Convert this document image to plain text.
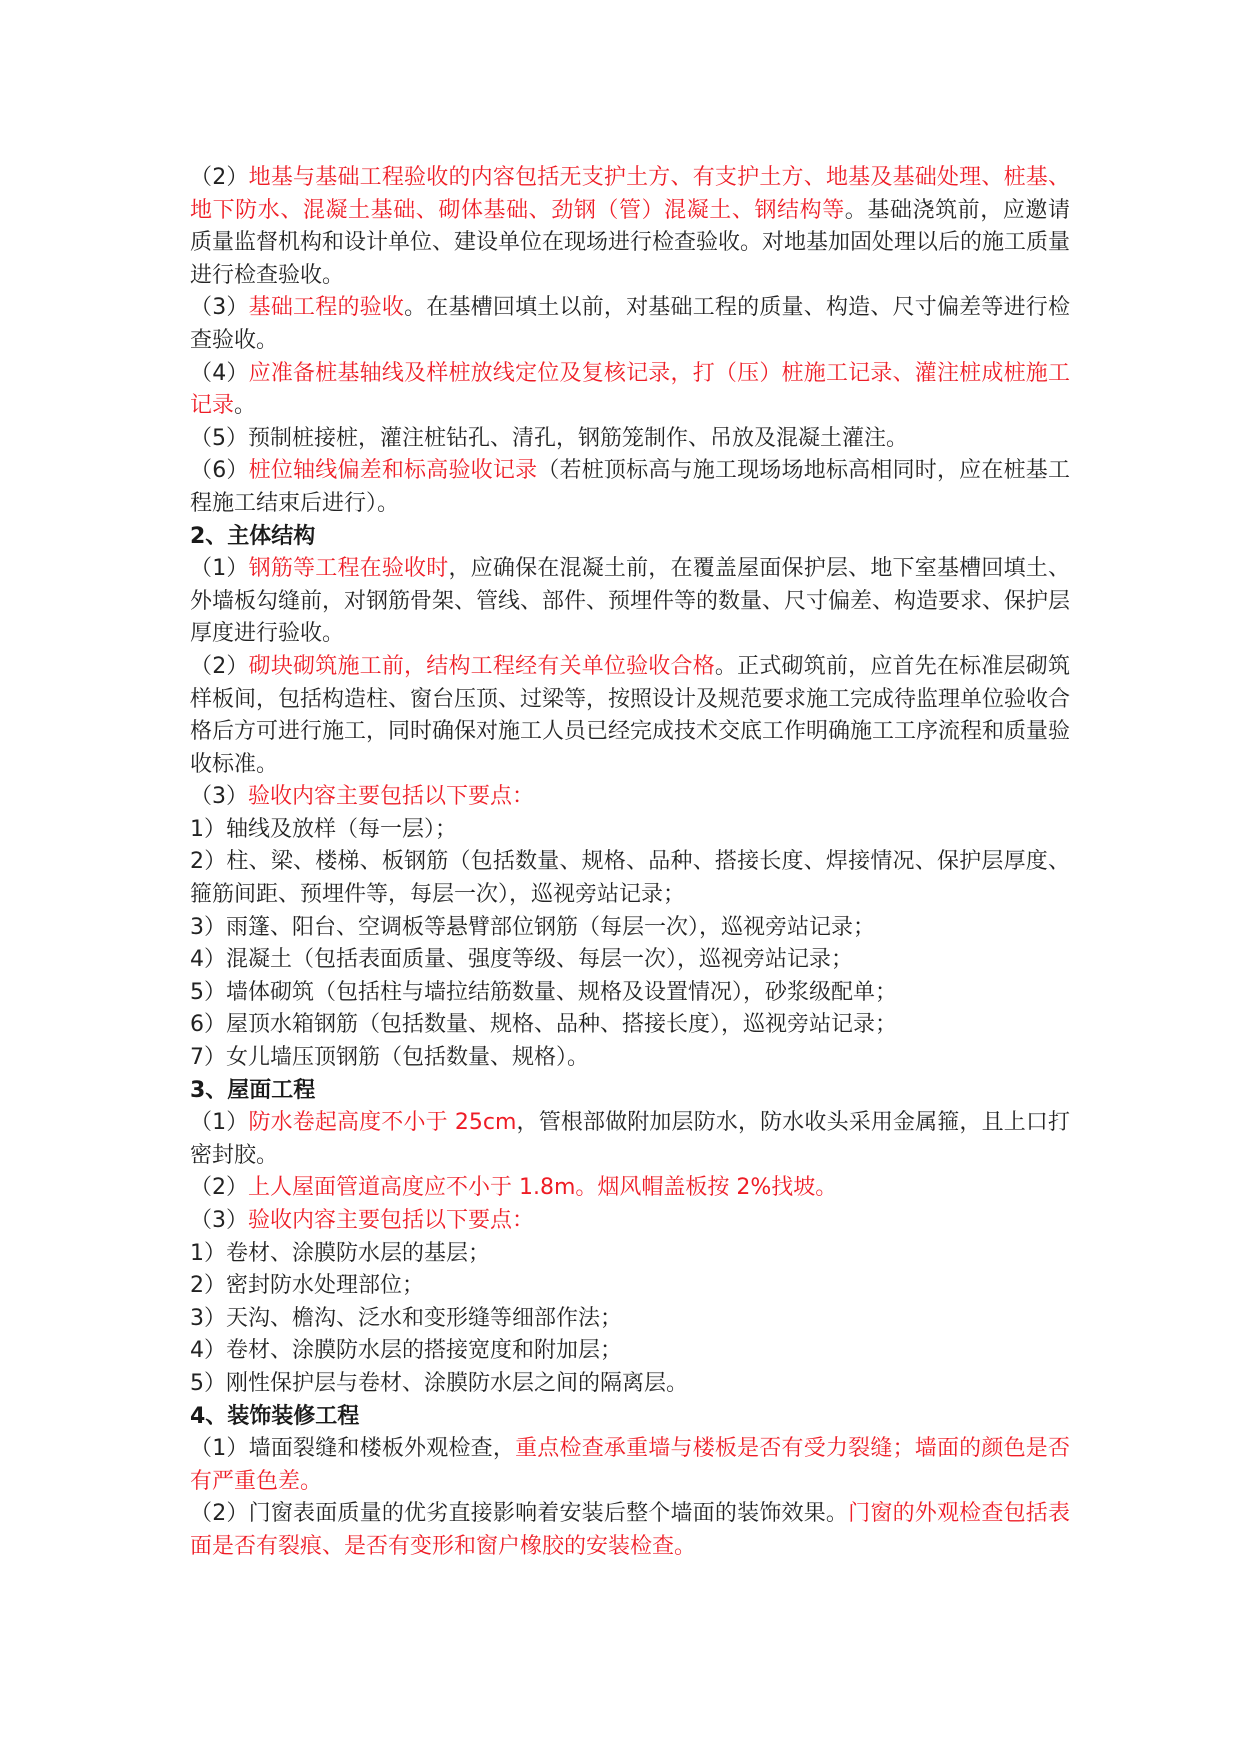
（2）地基与基础工程验收的内容包括无支护土方、有支护土方、地基及基础处理、桩基、地下防水、混凝土基础、砌体基础、劲钢（管）混凝土、钢结构等。基础浇筑前，应邀请质量监督机构和设计单位、建设单位在现场进行检查验收。对地基加固处理以后的施工质量进行检查验收。

（3）基础工程的验收。在基槽回填土以前，对基础工程的质量、构造、尺寸偏差等进行检查验收。

（4）应准备桩基轴线及样桩放线定位及复核记录，打（压）桩施工记录、灌注桩成桩施工记录。

（5）预制桩接桩，灌注桩钻孔、清孔，钢筋笼制作、吊放及混凝土灌注。

（6）桩位轴线偏差和标高验收记录（若桩顶标高与施工现场场地标高相同时，应在桩基工程施工结束后进行）。

2、主体结构

（1）钢筋等工程在验收时，应确保在混凝土前，在覆盖屋面保护层、地下室基槽回填土、外墙板勾缝前，对钢筋骨架、管线、部件、预埋件等的数量、尺寸偏差、构造要求、保护层厚度进行验收。

（2）砌块砌筑施工前，结构工程经有关单位验收合格。正式砌筑前，应首先在标准层砌筑样板间，包括构造柱、窗台压顶、过梁等，按照设计及规范要求施工完成待监理单位验收合格后方可进行施工，同时确保对施工人员已经完成技术交底工作明确施工工序流程和质量验收标准。

（3）验收内容主要包括以下要点：

1）轴线及放样（每一层）；

2）柱、梁、楼梯、板钢筋（包括数量、规格、品种、搭接长度、焊接情况、保护层厚度、箍筋间距、预埋件等，每层一次），巡视旁站记录；

3）雨篷、阳台、空调板等悬臂部位钢筋（每层一次），巡视旁站记录；

4）混凝土（包括表面质量、强度等级、每层一次），巡视旁站记录；

5）墙体砌筑（包括柱与墙拉结筋数量、规格及设置情况），砂浆级配单；

6）屋顶水箱钢筋（包括数量、规格、品种、搭接长度），巡视旁站记录；

7）女儿墙压顶钢筋（包括数量、规格）。

3、屋面工程

（1）防水卷起高度不小于 25cm，管根部做附加层防水，防水收头采用金属箍，且上口打密封胶。

（2）上人屋面管道高度应不小于 1.8m。烟风帽盖板按 2%找坡。

（3）验收内容主要包括以下要点：

1）卷材、涂膜防水层的基层；

2）密封防水处理部位；

3）天沟、檐沟、泛水和变形缝等细部作法；

4）卷材、涂膜防水层的搭接宽度和附加层；

5）刚性保护层与卷材、涂膜防水层之间的隔离层。

4、装饰装修工程

（1）墙面裂缝和楼板外观检查，重点检查承重墙与楼板是否有受力裂缝；墙面的颜色是否有严重色差。

（2）门窗表面质量的优劣直接影响着安装后整个墙面的装饰效果。门窗的外观检查包括表面是否有裂痕、是否有变形和窗户橡胶的安装检查。
